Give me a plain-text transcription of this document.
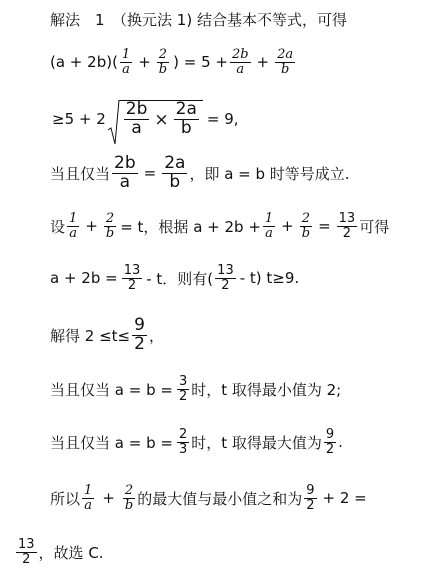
解法　1　（换元法 1) 结合基本不等式，可得
$(a + 2b)( \frac{1}{a} + \frac{2}{b}$ ) = $5 + \frac{2b}{a} + \frac{2a}{b}$
$\ge 5 + 2 \frac{2b}{a} \times \frac{2a}{b} = 9$,
当且仅当 $\frac{2b}{a} = \frac{2a}{b}$ ，即 a = b 时等号成立.
设 $\frac{1}{a} + \frac{2}{b} = t$，根据 $a + 2b + \frac{1}{a} + \frac{2}{b} = \frac{13}{2}$ 可得
$a + 2b = \frac{13}{2} - t$．则有( $\frac{13}{2} - t$) t≥9.
解得 $2 \le t\le \frac{9}{2}$ ，
当且仅当 $a = b = \frac{3}{2}$ 时，t 取得最小值为 2;
当且仅当 $a = b = \frac{2}{3}$ 时，t 取得最大值为 $\frac{9}{2}$ .
所以 $\frac{1}{a} + \frac{2}{b}$ 的最大值与最小值之和为 $\frac{9}{2} + 2$ =
$\frac{13}{2}$ ，故选 C.
